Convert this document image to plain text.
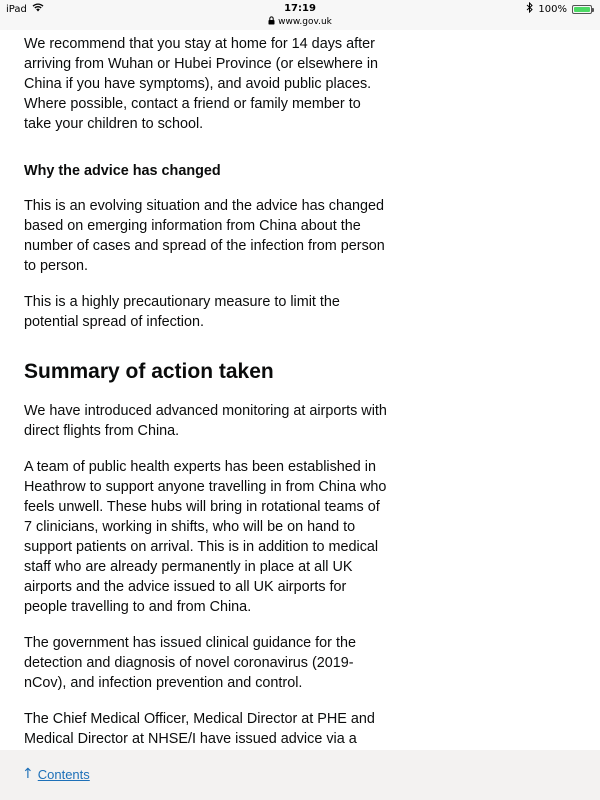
iPad	17:19
www.gov.uk
100%

We recommend that you stay at home for 14 days after arriving from Wuhan or Hubei Province (or elsewhere in China if you have symptoms), and avoid public places. Where possible, contact a friend or family member to take your children to school.

Why the advice has changed

This is an evolving situation and the advice has changed based on emerging information from China about the number of cases and spread of the infection from person to person.

This is a highly precautionary measure to limit the potential spread of infection.

Summary of action taken

We have introduced advanced monitoring at airports with direct flights from China.

A team of public health experts has been established in Heathrow to support anyone travelling in from China who feels unwell. These hubs will bring in rotational teams of 7 clinicians, working in shifts, who will be on hand to support patients on arrival. This is in addition to medical staff who are already permanently in place at all UK airports and the advice issued to all UK airports for people travelling to and from China.

The government has issued clinical guidance for the detection and diagnosis of novel coronavirus (2019-nCov), and infection prevention and control.

The Chief Medical Officer, Medical Director at PHE and Medical Director at NHSE/I have issued advice via a

↑ Contents
